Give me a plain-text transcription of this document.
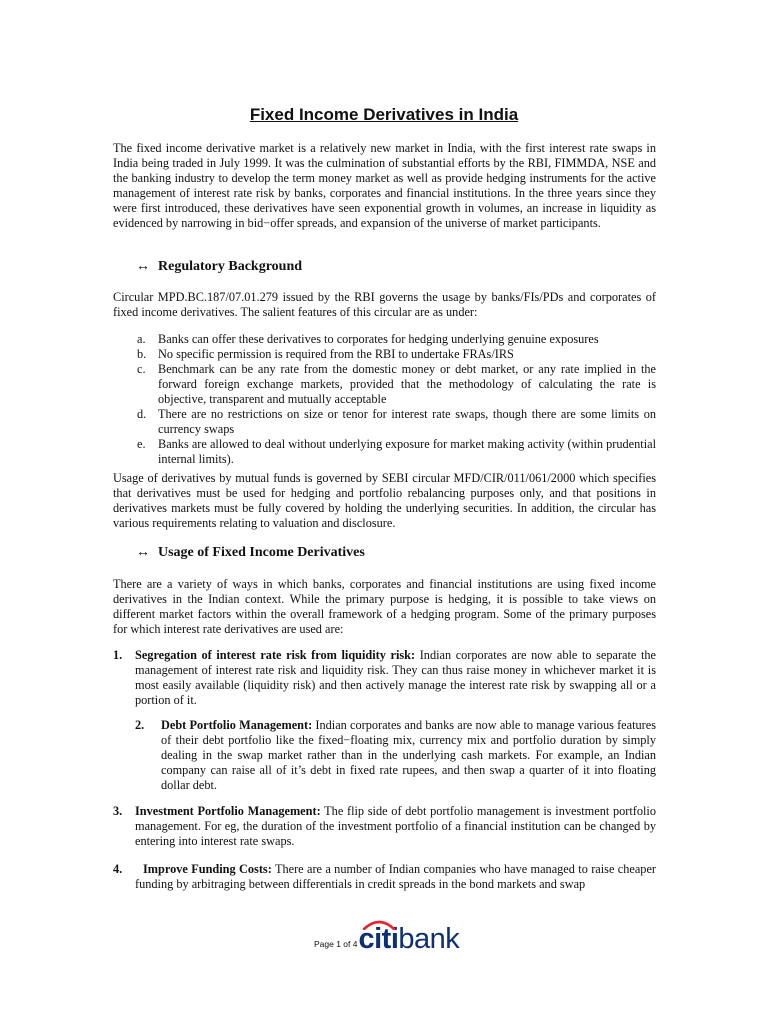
Fixed Income Derivatives in India
The fixed income derivative market is a relatively new market in India, with the first interest rate swaps in India being traded in July 1999. It was the culmination of substantial efforts by the RBI, FIMMDA, NSE and the banking industry to develop the term money market as well as provide hedging instruments for the active management of interest rate risk by banks, corporates and financial institutions. In the three years since they were first introduced, these derivatives have seen exponential growth in volumes, an increase in liquidity as evidenced by narrowing in bid−offer spreads, and expansion of the universe of market participants.
↔ Regulatory Background
Circular MPD.BC.187/07.01.279 issued by the RBI governs the usage by banks/FIs/PDs and corporates of fixed income derivatives. The salient features of this circular are as under:
a. Banks can offer these derivatives to corporates for hedging underlying genuine exposures
b. No specific permission is required from the RBI to undertake FRAs/IRS
c. Benchmark can be any rate from the domestic money or debt market, or any rate implied in the forward foreign exchange markets, provided that the methodology of calculating the rate is objective, transparent and mutually acceptable
d. There are no restrictions on size or tenor for interest rate swaps, though there are some limits on currency swaps
e. Banks are allowed to deal without underlying exposure for market making activity (within prudential internal limits).
Usage of derivatives by mutual funds is governed by SEBI circular MFD/CIR/011/061/2000 which specifies that derivatives must be used for hedging and portfolio rebalancing purposes only, and that positions in derivatives markets must be fully covered by holding the underlying securities. In addition, the circular has various requirements relating to valuation and disclosure.
↔ Usage of Fixed Income Derivatives
There are a variety of ways in which banks, corporates and financial institutions are using fixed income derivatives in the Indian context. While the primary purpose is hedging, it is possible to take views on different market factors within the overall framework of a hedging program. Some of the primary purposes for which interest rate derivatives are used are:
1. Segregation of interest rate risk from liquidity risk: Indian corporates are now able to separate the management of interest rate risk and liquidity risk. They can thus raise money in whichever market it is most easily available (liquidity risk) and then actively manage the interest rate risk by swapping all or a portion of it.
2. Debt Portfolio Management: Indian corporates and banks are now able to manage various features of their debt portfolio like the fixed−floating mix, currency mix and portfolio duration by simply dealing in the swap market rather than in the underlying cash markets. For example, an Indian company can raise all of it’s debt in fixed rate rupees, and then swap a quarter of it into floating dollar debt.
3. Investment Portfolio Management: The flip side of debt portfolio management is investment portfolio management. For eg, the duration of the investment portfolio of a financial institution can be changed by entering into interest rate swaps.
4. Improve Funding Costs: There are a number of Indian companies who have managed to raise cheaper funding by arbitraging between differentials in credit spreads in the bond markets and swap
Page 1 of 4 citibank
